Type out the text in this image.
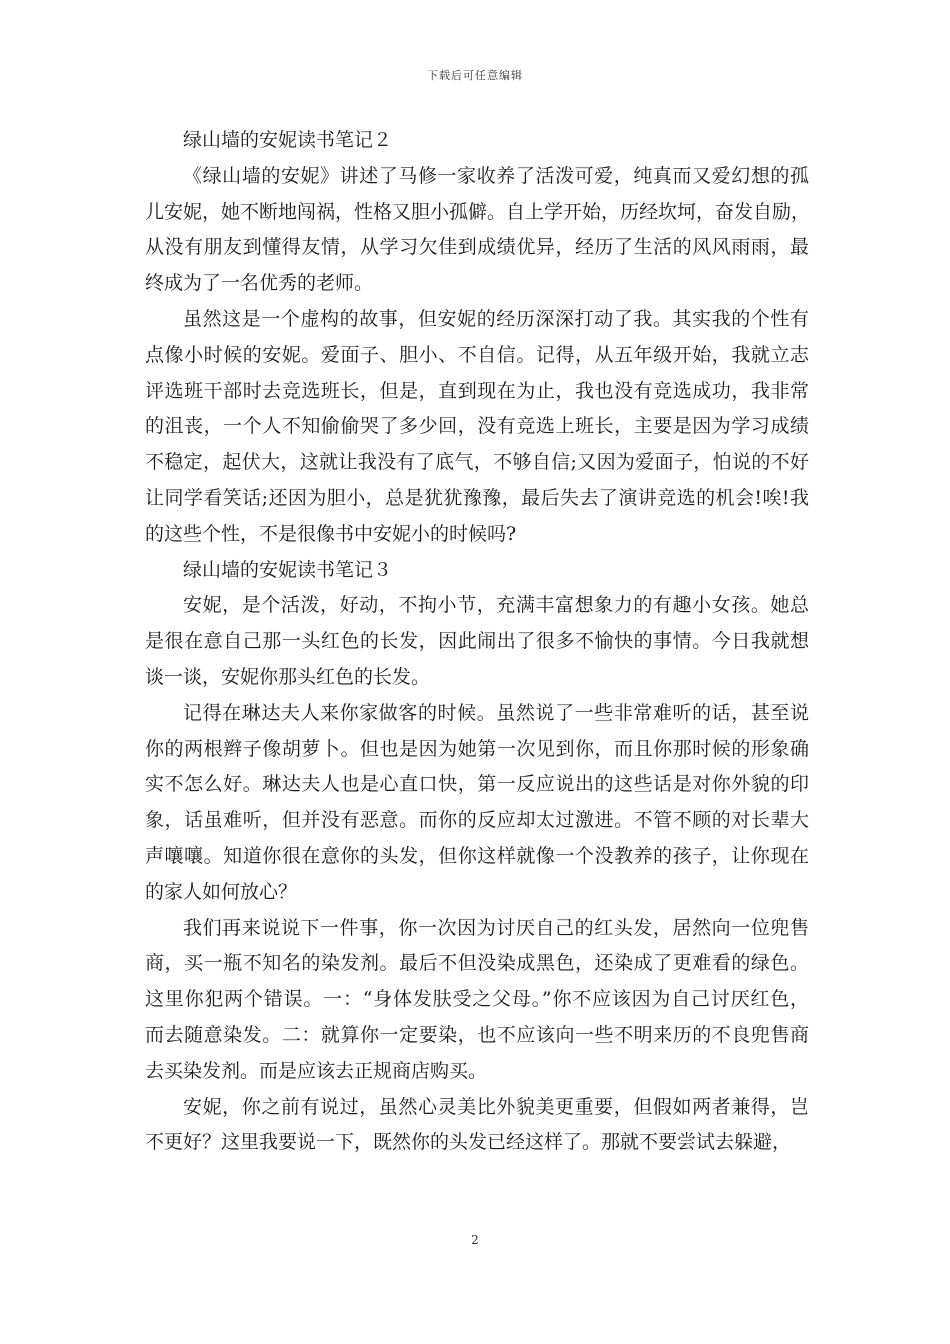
下载后可任意编辑
绿山墙的安妮读书笔记２
《绿山墙的安妮》讲述了马修一家收养了活泼可爱，纯真而又爱幻想的孤
儿安妮，她不断地闯祸，性格又胆小孤僻。自上学开始，历经坎坷，奋发自励，
从没有朋友到懂得友情，从学习欠佳到成绩优异，经历了生活的风风雨雨，最
终成为了一名优秀的老师。
虽然这是一个虚构的故事，但安妮的经历深深打动了我。其实我的个性有
点像小时候的安妮。爱面子、胆小、不自信。记得，从五年级开始，我就立志
评选班干部时去竞选班长，但是，直到现在为止，我也没有竞选成功，我非常
的沮丧，一个人不知偷偷哭了多少回，没有竞选上班长，主要是因为学习成绩
不稳定，起伏大，这就让我没有了底气，不够自信;又因为爱面子，怕说的不好
让同学看笑话;还因为胆小，总是犹犹豫豫，最后失去了演讲竞选的机会!唉!我
的这些个性，不是很像书中安妮小的时候吗?
绿山墙的安妮读书笔记３
安妮，是个活泼，好动，不拘小节，充满丰富想象力的有趣小女孩。她总
是很在意自己那一头红色的长发，因此闹出了很多不愉快的事情。今日我就想
谈一谈，安妮你那头红色的长发。
记得在琳达夫人来你家做客的时候。虽然说了一些非常难听的话，甚至说
你的两根辫子像胡萝卜。但也是因为她第一次见到你，而且你那时候的形象确
实不怎么好。琳达夫人也是心直口快，第一反应说出的这些话是对你外貌的印
象，话虽难听，但并没有恶意。而你的反应却太过激进。不管不顾的对长辈大
声嚷嚷。知道你很在意你的头发，但你这样就像一个没教养的孩子，让你现在
的家人如何放心？
我们再来说说下一件事，你一次因为讨厌自己的红头发，居然向一位兜售
商，买一瓶不知名的染发剂。最后不但没染成黑色，还染成了更难看的绿色。
这里你犯两个错误。一：“身体发肤受之父母。”你不应该因为自己讨厌红色，
而去随意染发。二：就算你一定要染，也不应该向一些不明来历的不良兜售商
去买染发剂。而是应该去正规商店购买。
安妮，你之前有说过，虽然心灵美比外貌美更重要，但假如两者兼得，岂
不更好？这里我要说一下，既然你的头发已经这样了。那就不要尝试去躲避，
2
